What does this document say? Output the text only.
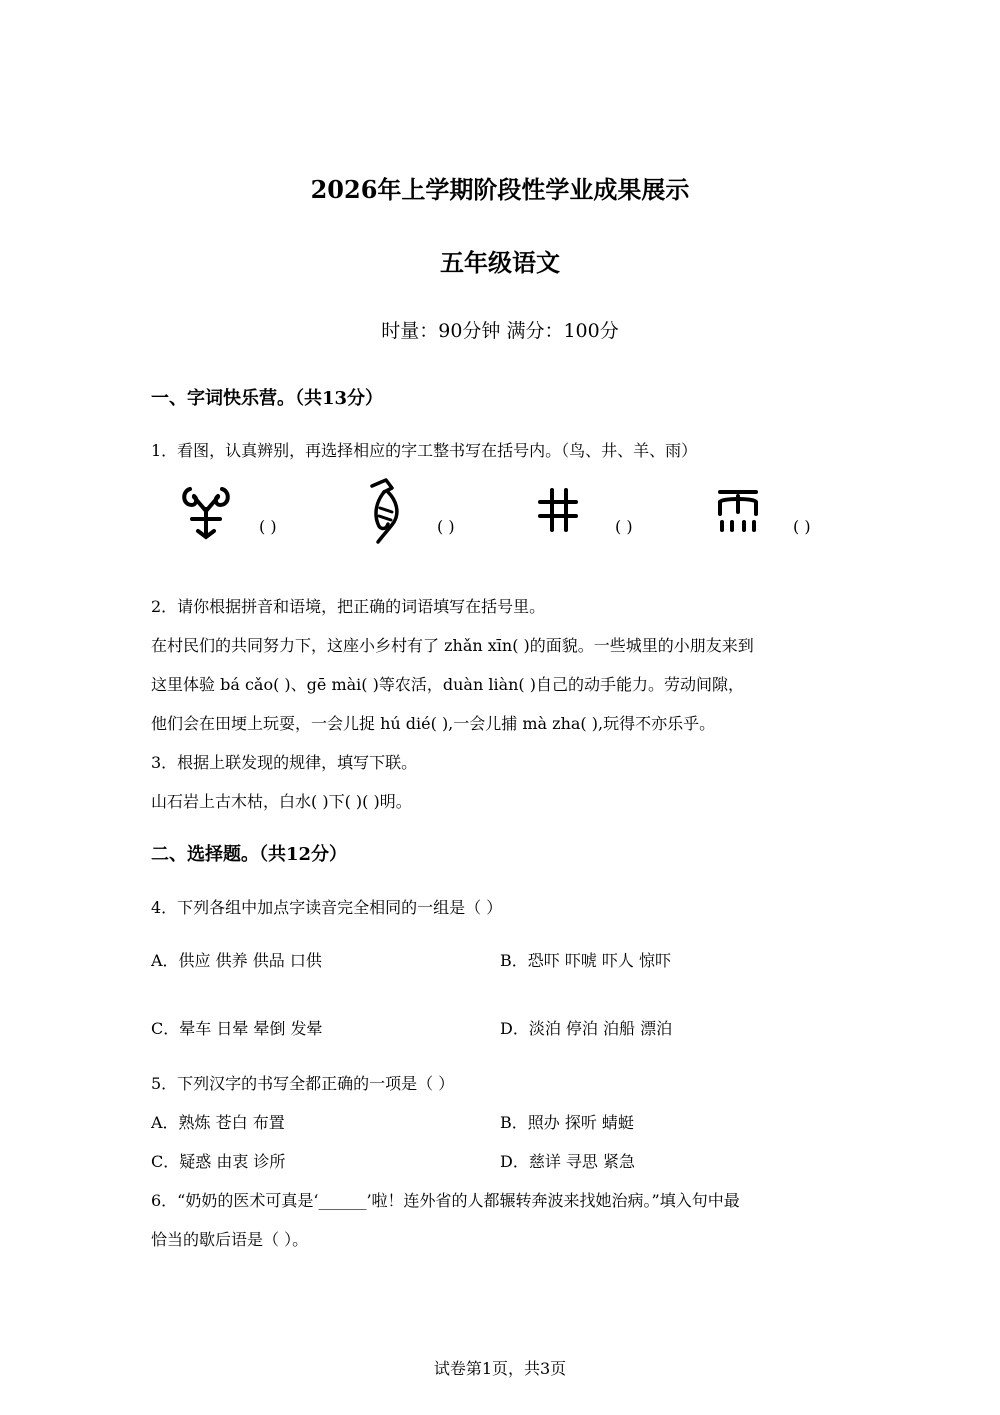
2026年上学期阶段性学业成果展示
五年级语文
时量：90分钟 满分：100分
一、字词快乐营。（共13分）
1．看图，认真辨别，再选择相应的字工整书写在括号内。（鸟、井、羊、雨）
( )	( )	( )	( )
2．请你根据拼音和语境，把正确的词语填写在括号里。
在村民们的共同努力下，这座小乡村有了 zhǎn xīn( )的面貌。一些城里的小朋友来到
这里体验 bá cǎo( )、gē mài( )等农活，duàn liàn( )自己的动手能力。劳动间隙，
他们会在田埂上玩耍，一会儿捉 hú dié( ),一会儿捕 mà zha( ),玩得不亦乐乎。
3．根据上联发现的规律，填写下联。
山石岩上古木枯，白水( )下( )( )明。
二、选择题。（共12分）
4．下列各组中加点字读音完全相同的一组是（ ）
A．供应 供养 供品 口供	B．恐吓 吓唬 吓人 惊吓
C．晕车 日晕 晕倒 发晕	D．淡泊 停泊 泊船 漂泊
5．下列汉字的书写全都正确的一项是（ ）
A．熟炼 苍白 布置	B．照办 探听 蜻蜓
C．疑惑 由衷 诊所	D．慈详 寻思 紧急
6．“奶奶的医术可真是‘______’啦！连外省的人都辗转奔波来找她治病。”填入句中最
恰当的歇后语是（ ）。
试卷第1页，共3页
